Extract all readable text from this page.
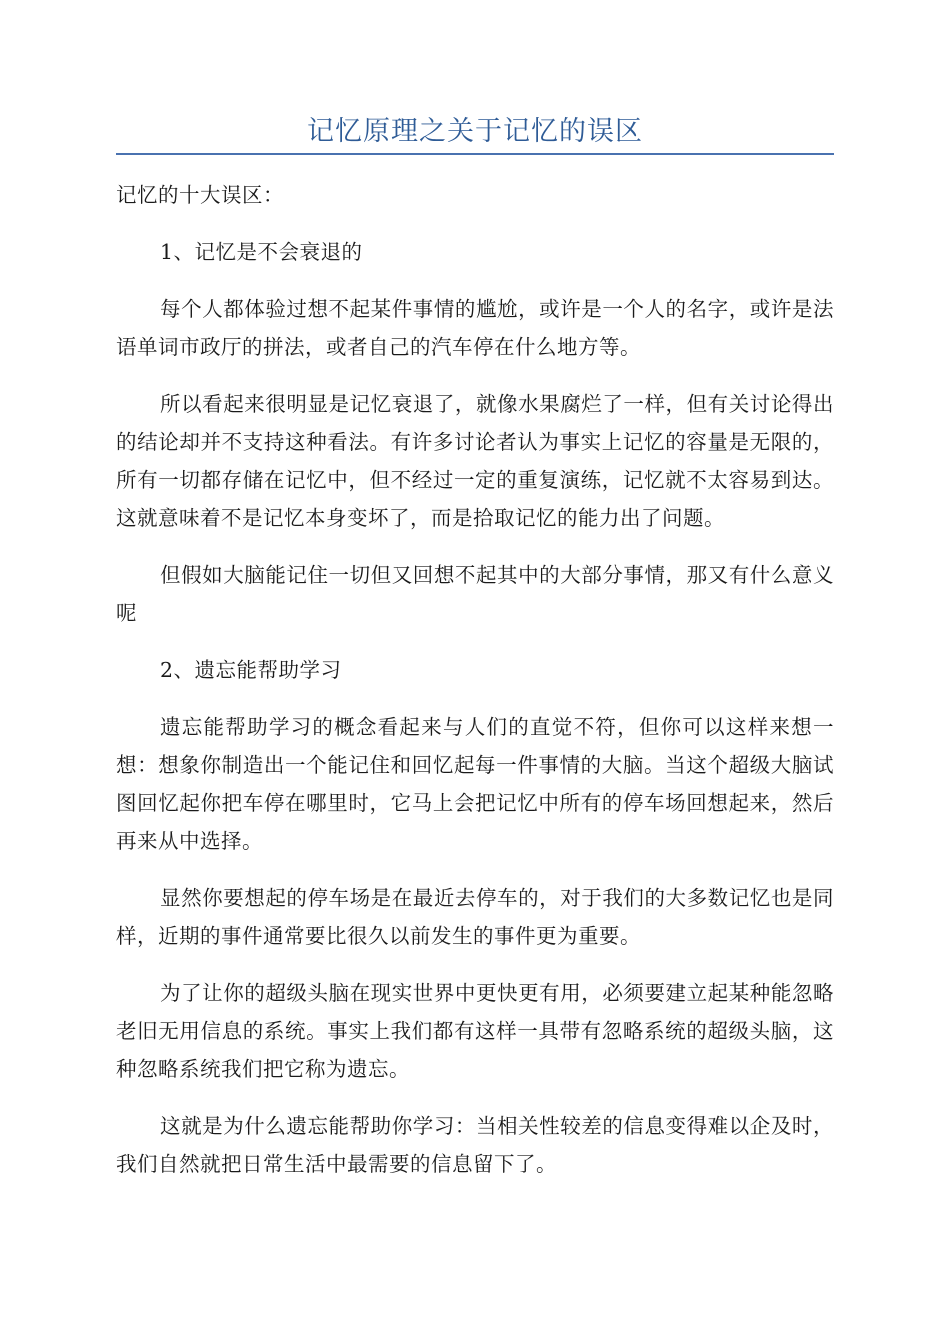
记忆原理之关于记忆的误区

记忆的十大误区：

1、记忆是不会衰退的

每个人都体验过想不起某件事情的尴尬，或许是一个人的名字，或许是法语单词市政厅的拼法，或者自己的汽车停在什么地方等。

所以看起来很明显是记忆衰退了，就像水果腐烂了一样，但有关讨论得出的结论却并不支持这种看法。有许多讨论者认为事实上记忆的容量是无限的，所有一切都存储在记忆中，但不经过一定的重复演练，记忆就不太容易到达。这就意味着不是记忆本身变坏了，而是拾取记忆的能力出了问题。

但假如大脑能记住一切但又回想不起其中的大部分事情，那又有什么意义呢

2、遗忘能帮助学习

遗忘能帮助学习的概念看起来与人们的直觉不符，但你可以这样来想一想：想象你制造出一个能记住和回忆起每一件事情的大脑。当这个超级大脑试图回忆起你把车停在哪里时，它马上会把记忆中所有的停车场回想起来，然后再来从中选择。

显然你要想起的停车场是在最近去停车的，对于我们的大多数记忆也是同样，近期的事件通常要比很久以前发生的事件更为重要。

为了让你的超级头脑在现实世界中更快更有用，必须要建立起某种能忽略老旧无用信息的系统。事实上我们都有这样一具带有忽略系统的超级头脑，这种忽略系统我们把它称为遗忘。

这就是为什么遗忘能帮助你学习：当相关性较差的信息变得难以企及时，我们自然就把日常生活中最需要的信息留下了。
